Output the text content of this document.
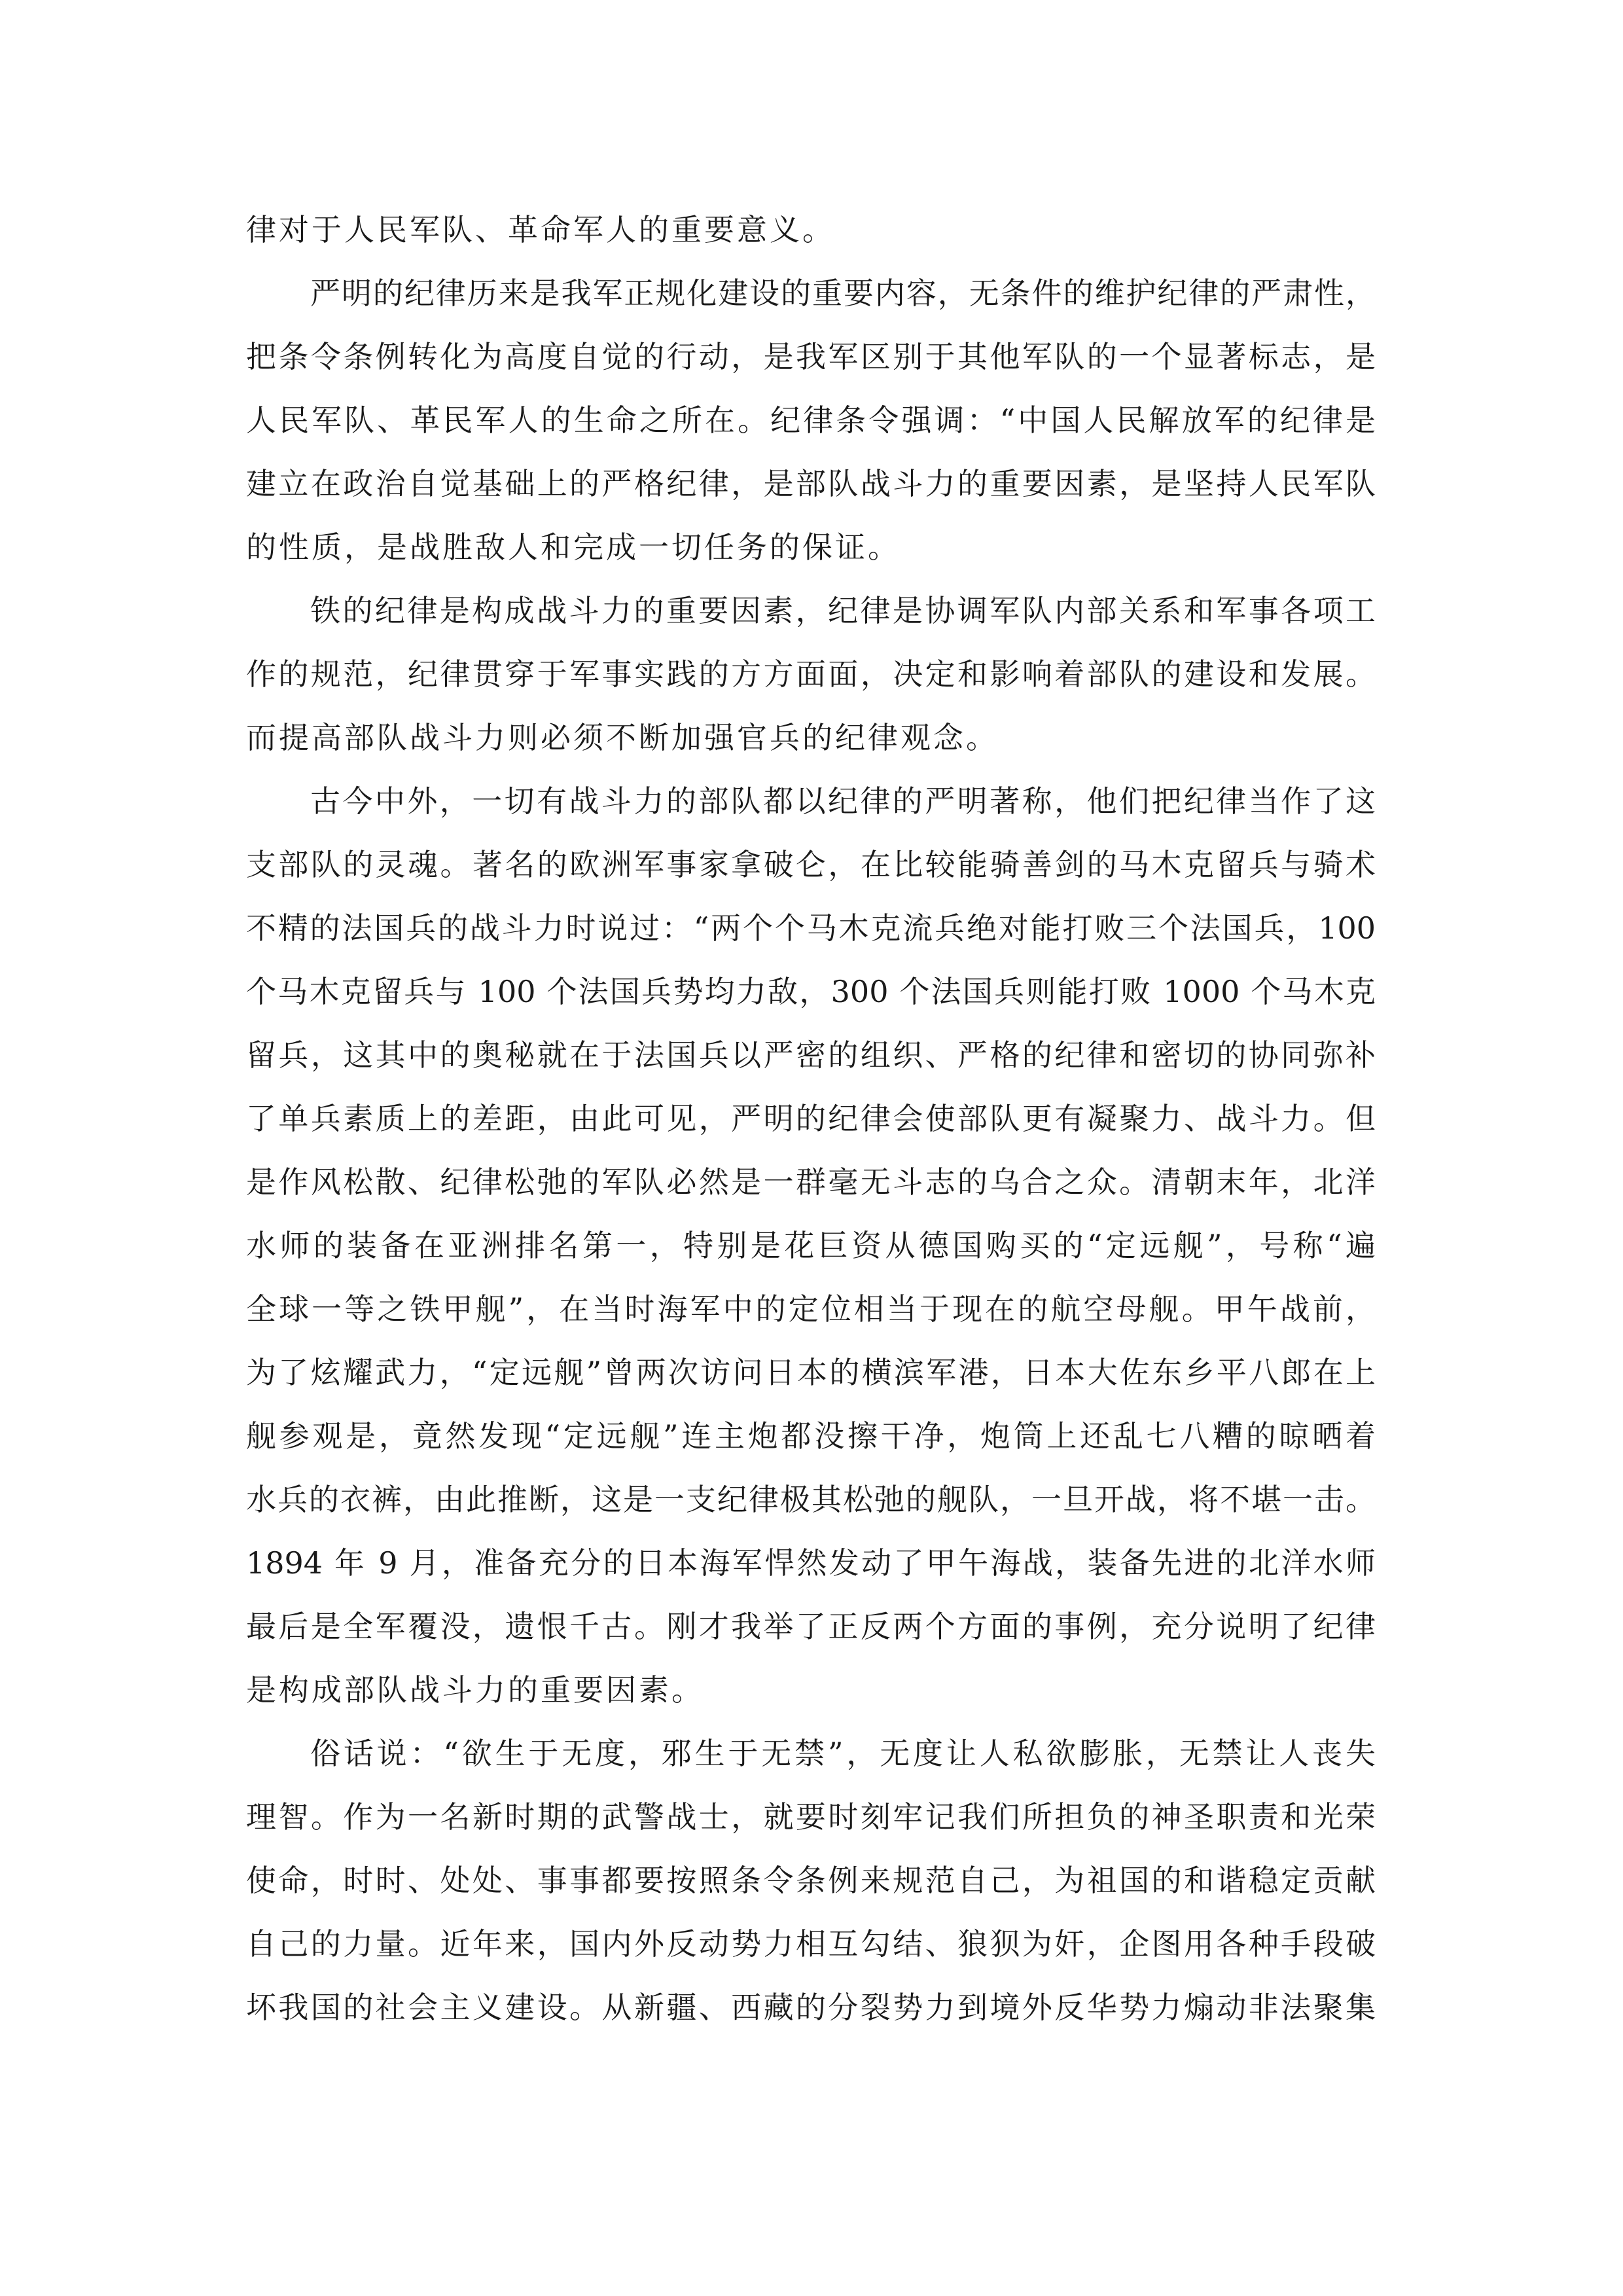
律对于人民军队、革命军人的重要意义。
严明的纪律历来是我军正规化建设的重要内容，无条件的维护纪律的严肃性，
把条令条例转化为高度自觉的行动，是我军区别于其他军队的一个显著标志，是
人民军队、革民军人的生命之所在。纪律条令强调：“中国人民解放军的纪律是
建立在政治自觉基础上的严格纪律，是部队战斗力的重要因素，是坚持人民军队
的性质，是战胜敌人和完成一切任务的保证。
铁的纪律是构成战斗力的重要因素，纪律是协调军队内部关系和军事各项工
作的规范，纪律贯穿于军事实践的方方面面，决定和影响着部队的建设和发展。
而提高部队战斗力则必须不断加强官兵的纪律观念。
古今中外，一切有战斗力的部队都以纪律的严明著称，他们把纪律当作了这
支部队的灵魂。著名的欧洲军事家拿破仑，在比较能骑善剑的马木克留兵与骑术
不精的法国兵的战斗力时说过：“两个个马木克流兵绝对能打败三个法国兵，100
个马木克留兵与 100 个法国兵势均力敌，300 个法国兵则能打败 1000 个马木克
留兵，这其中的奥秘就在于法国兵以严密的组织、严格的纪律和密切的协同弥补
了单兵素质上的差距，由此可见，严明的纪律会使部队更有凝聚力、战斗力。但
是作风松散、纪律松弛的军队必然是一群毫无斗志的乌合之众。清朝末年，北洋
水师的装备在亚洲排名第一，特别是花巨资从德国购买的“定远舰”，号称“遍
全球一等之铁甲舰”，在当时海军中的定位相当于现在的航空母舰。甲午战前，
为了炫耀武力，“定远舰”曾两次访问日本的横滨军港，日本大佐东乡平八郎在上
舰参观是，竟然发现“定远舰”连主炮都没擦干净，炮筒上还乱七八糟的晾晒着
水兵的衣裤，由此推断，这是一支纪律极其松弛的舰队，一旦开战，将不堪一击。
1894 年 9 月，准备充分的日本海军悍然发动了甲午海战，装备先进的北洋水师
最后是全军覆没，遗恨千古。刚才我举了正反两个方面的事例，充分说明了纪律
是构成部队战斗力的重要因素。
俗话说：“欲生于无度，邪生于无禁”，无度让人私欲膨胀，无禁让人丧失
理智。作为一名新时期的武警战士，就要时刻牢记我们所担负的神圣职责和光荣
使命，时时、处处、事事都要按照条令条例来规范自己，为祖国的和谐稳定贡献
自己的力量。近年来，国内外反动势力相互勾结、狼狈为奸，企图用各种手段破
坏我国的社会主义建设。从新疆、西藏的分裂势力到境外反华势力煽动非法聚集
